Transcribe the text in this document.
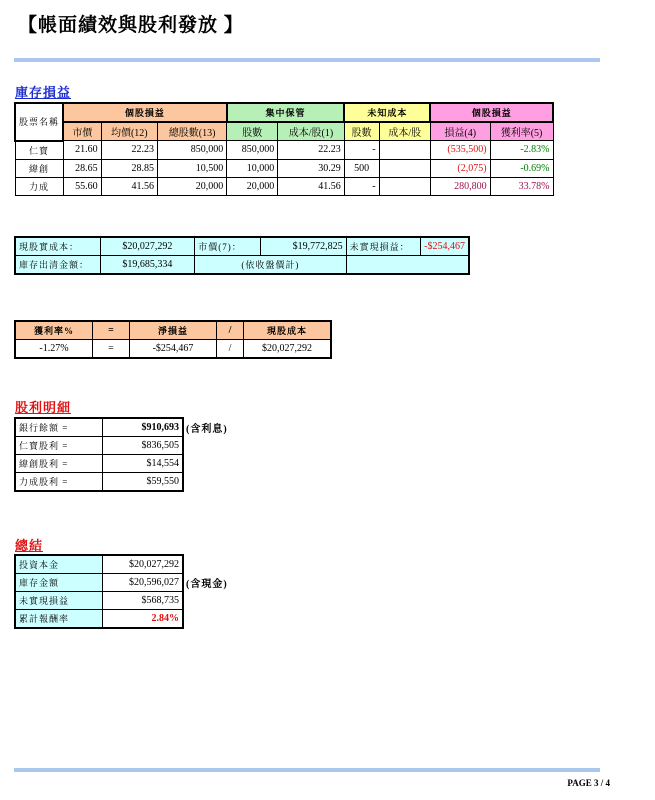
【帳面績效與股利發放 】
庫存損益
股票名稱	個股損益			集中保管		未知成本		個股損益	
	市價	均價(12)	總股數(13)	股數	成本/股(1)	股數	成本/股	損益(4)	獲利率(5)
仁寶	21.60	22.23	850,000	850,000	22.23	-		(535,500)	-2.83%
緯創	28.65	28.85	10,500	10,000	30.29	500		(2,075)	-0.69%
力成	55.60	41.56	20,000	20,000	41.56	-		280,800	33.78%
現股實成本：	$20,027,292	市價(7)：	$19,772,825	未實現損益：	-$254,467
庫存出清金額：	$19,685,334	(依收盤價計)			
獲利率%	=	淨損益	/	現股成本
-1.27%	=	-$254,467	/	$20,027,292
股利明細
銀行餘額 =	$910,693
仁寶股利 =	$836,505
緯創股利 =	$14,554
力成股利 =	$59,550
(含利息)
總結
投資本金	$20,027,292
庫存金額	$20,596,027
未實現損益	$568,735
累計報酬率	2.84%
(含現金)
PAGE 3 / 4
